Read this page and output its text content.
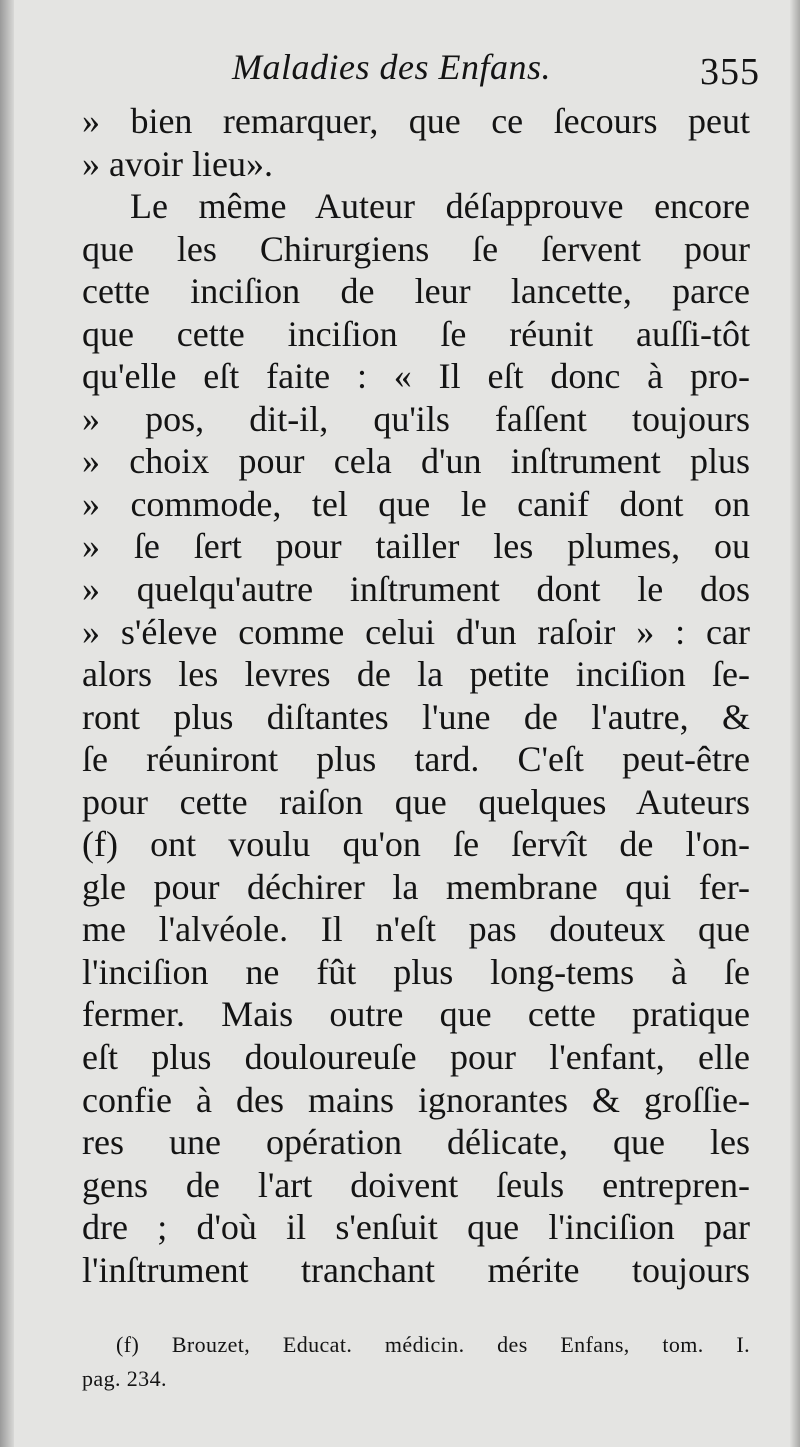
Maladies des Enfans.	355
» bien remarquer, que ce ſecours peut
» avoir lieu».
Le même Auteur déſapprouve encore
que les Chirurgiens ſe ſervent pour
cette inciſion de leur lancette, parce
que cette inciſion ſe réunit auſſi-tôt
qu'elle eſt faite : « Il eſt donc à pro-
» pos, dit-il, qu'ils faſſent toujours
» choix pour cela d'un inſtrument plus
» commode, tel que le canif dont on
» ſe ſert pour tailler les plumes, ou
» quelqu'autre inſtrument dont le dos
» s'éleve comme celui d'un raſoir » : car
alors les levres de la petite inciſion ſe-
ront plus diſtantes l'une de l'autre, &
ſe réuniront plus tard. C'eſt peut-être
pour cette raiſon que quelques Auteurs
(f) ont voulu qu'on ſe ſervît de l'on-
gle pour déchirer la membrane qui fer-
me l'alvéole. Il n'eſt pas douteux que
l'inciſion ne fût plus long-tems à ſe
fermer. Mais outre que cette pratique
eſt plus douloureuſe pour l'enfant, elle
confie à des mains ignorantes & groſſie-
res une opération délicate, que les
gens de l'art doivent ſeuls entrepren-
dre ; d'où il s'enſuit que l'inciſion par
l'inſtrument tranchant mérite toujours
(f) Brouzet, Educat. médicin. des Enfans, tom. I.
pag. 234.
